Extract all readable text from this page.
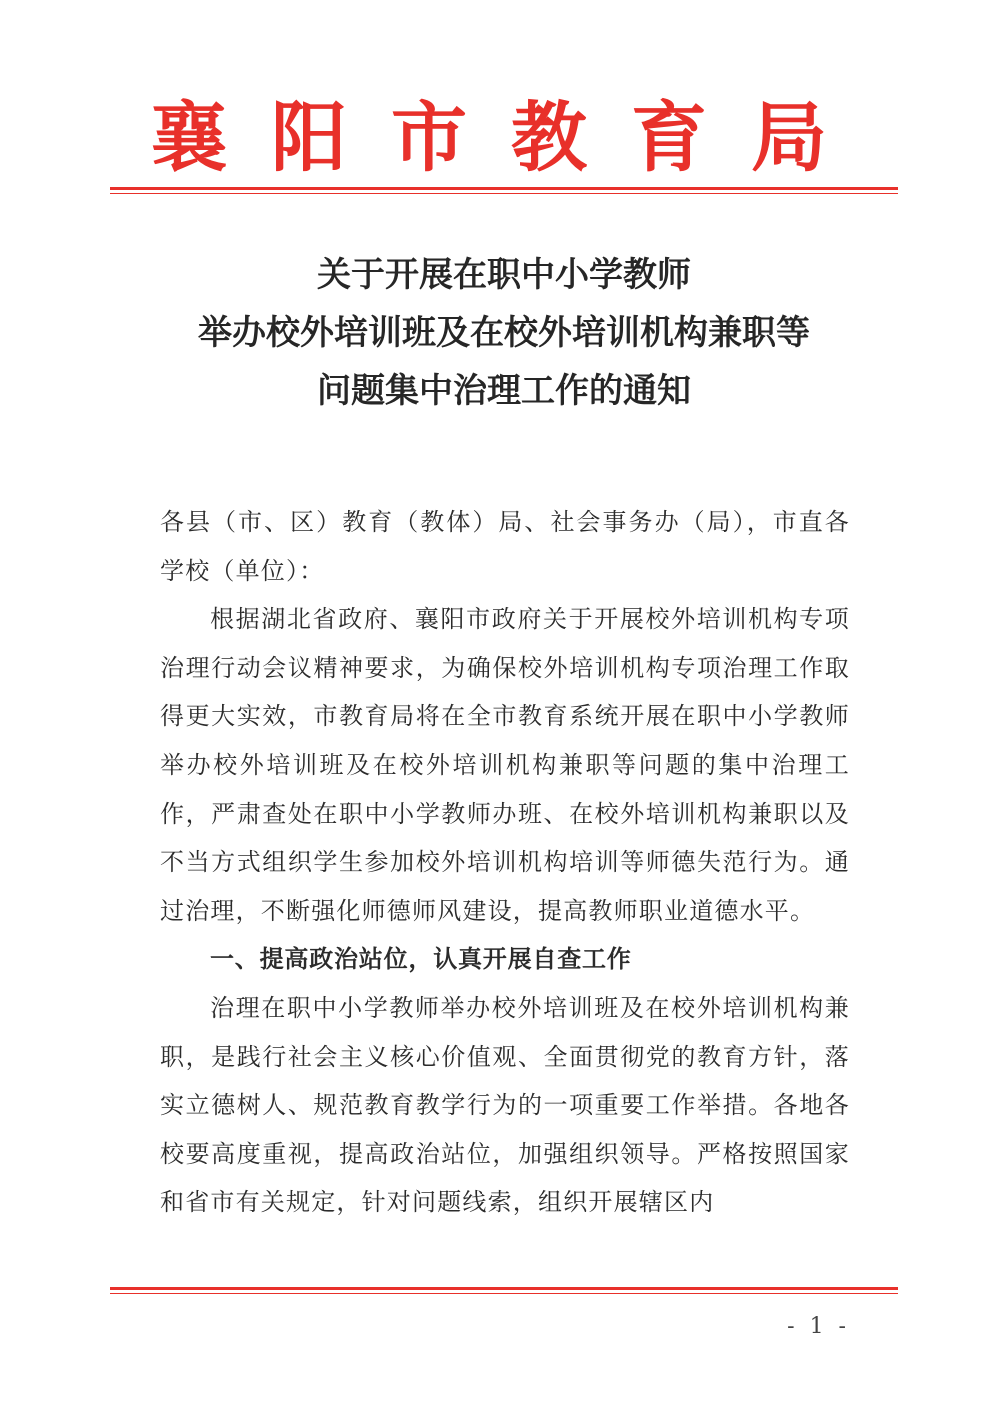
襄阳市教育局
关于开展在职中小学教师
举办校外培训班及在校外培训机构兼职等
问题集中治理工作的通知

各县（市、区）教育（教体）局、社会事务办（局），市直各学校（单位）：

根据湖北省政府、襄阳市政府关于开展校外培训机构专项治理行动会议精神要求，为确保校外培训机构专项治理工作取得更大实效，市教育局将在全市教育系统开展在职中小学教师举办校外培训班及在校外培训机构兼职等问题的集中治理工作，严肃查处在职中小学教师办班、在校外培训机构兼职以及不当方式组织学生参加校外培训机构培训等师德失范行为。通过治理，不断强化师德师风建设，提高教师职业道德水平。

一、提高政治站位，认真开展自查工作

治理在职中小学教师举办校外培训班及在校外培训机构兼职，是践行社会主义核心价值观、全面贯彻党的教育方针，落实立德树人、规范教育教学行为的一项重要工作举措。各地各校要高度重视，提高政治站位，加强组织领导。严格按照国家和省市有关规定，针对问题线索，组织开展辖区内

- 1 -
